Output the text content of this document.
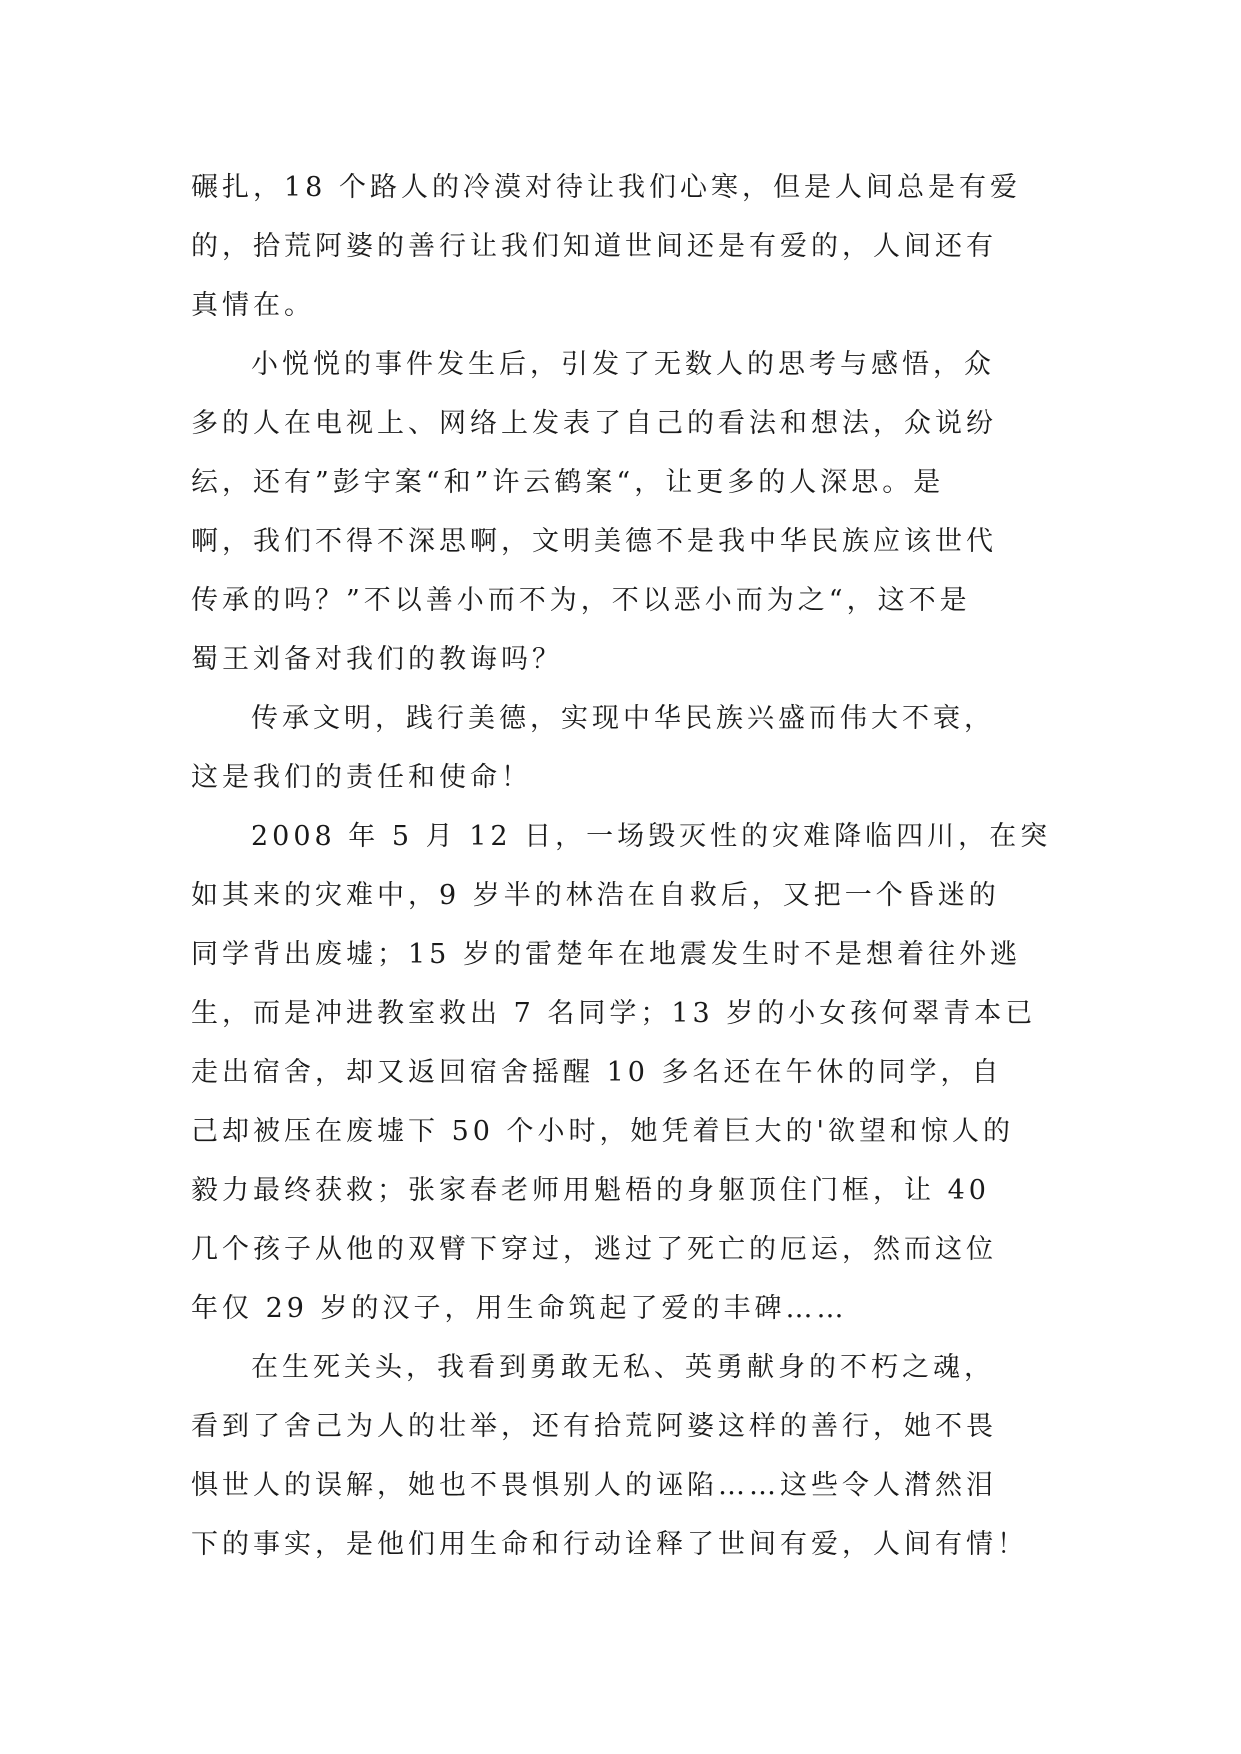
碾扎，18 个路人的冷漠对待让我们心寒，但是人间总是有爱
的，拾荒阿婆的善行让我们知道世间还是有爱的，人间还有
真情在。
小悦悦的事件发生后，引发了无数人的思考与感悟，众
多的人在电视上、网络上发表了自己的看法和想法，众说纷
纭，还有”彭宇案“和”许云鹤案“，让更多的人深思。是
啊，我们不得不深思啊，文明美德不是我中华民族应该世代
传承的吗？”不以善小而不为，不以恶小而为之“，这不是
蜀王刘备对我们的教诲吗？
传承文明，践行美德，实现中华民族兴盛而伟大不衰，
这是我们的责任和使命！
2008 年 5 月 12 日，一场毁灭性的灾难降临四川，在突
如其来的灾难中，9 岁半的林浩在自救后，又把一个昏迷的
同学背出废墟；15 岁的雷楚年在地震发生时不是想着往外逃
生，而是冲进教室救出 7 名同学；13 岁的小女孩何翠青本已
走出宿舍，却又返回宿舍摇醒 10 多名还在午休的同学，自
己却被压在废墟下 50 个小时，她凭着巨大的'欲望和惊人的
毅力最终获救；张家春老师用魁梧的身躯顶住门框，让 40
几个孩子从他的双臂下穿过，逃过了死亡的厄运，然而这位
年仅 29 岁的汉子，用生命筑起了爱的丰碑……
在生死关头，我看到勇敢无私、英勇献身的不朽之魂，
看到了舍己为人的壮举，还有拾荒阿婆这样的善行，她不畏
惧世人的误解，她也不畏惧别人的诬陷……这些令人潸然泪
下的事实，是他们用生命和行动诠释了世间有爱，人间有情！
